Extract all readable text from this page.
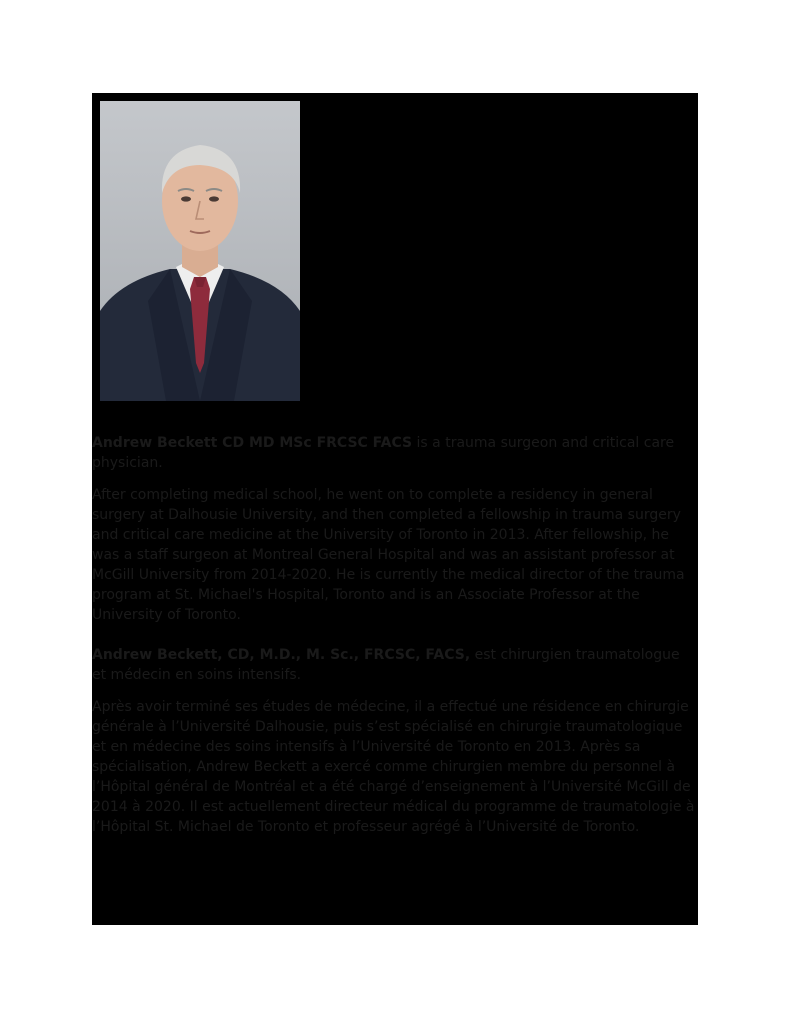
Andrew Beckett CD MD MSc FRCSC FACS is a trauma surgeon and critical care physician.

After completing medical school, he went on to complete a residency in general surgery at Dalhousie University, and then completed a fellowship in trauma surgery and critical care medicine at the University of Toronto in 2013. After fellowship, he was a staff surgeon at Montreal General Hospital and was an assistant professor at McGill University from 2014-2020. He is currently the medical director of the trauma program at St. Michael's Hospital, Toronto and is an Associate Professor at the University of Toronto.

Andrew Beckett, CD, M.D., M. Sc., FRCSC, FACS, est chirurgien traumatologue et médecin en soins intensifs.

Après avoir terminé ses études de médecine, il a effectué une résidence en chirurgie générale à l’Université Dalhousie, puis s’est spécialisé en chirurgie traumatologique et en médecine des soins intensifs à l’Université de Toronto en 2013. Après sa spécialisation, Andrew Beckett a exercé comme chirurgien membre du personnel à l’Hôpital général de Montréal et a été chargé d’enseignement à l’Université McGill de 2014 à 2020. Il est actuellement directeur médical du programme de traumatologie à l’Hôpital St. Michael de Toronto et professeur agrégé à l’Université de Toronto.
